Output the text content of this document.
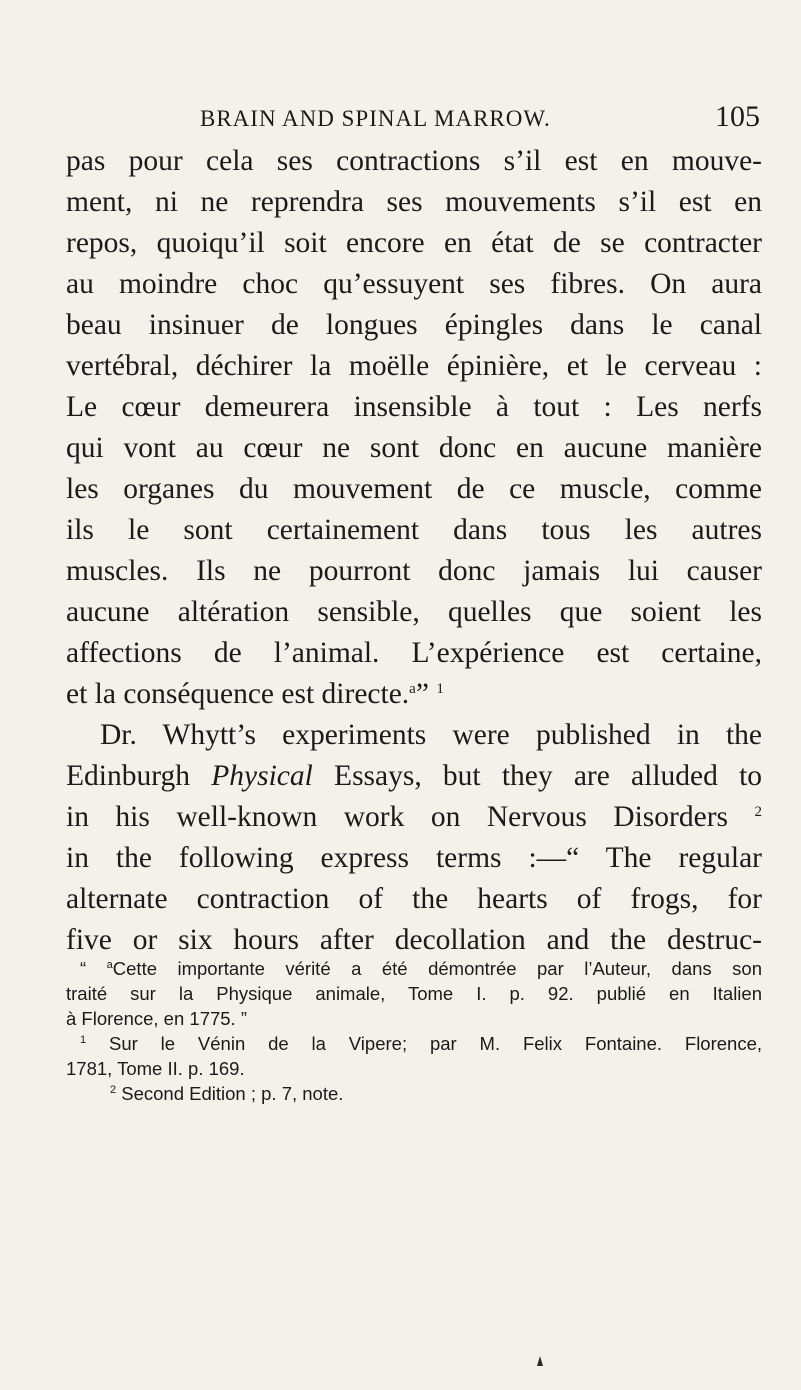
BRAIN AND SPINAL MARROW.	105
pas pour cela ses contractions s’il est en mouve-
ment, ni ne reprendra ses mouvements s’il est en
repos, quoiqu’il soit encore en état de se contracter
au moindre choc qu’essuyent ses fibres. On aura
beau insinuer de longues épingles dans le canal
vertébral, déchirer la moëlle épinière, et le cerveau :
Le cœur demeurera insensible à tout : Les nerfs
qui vont au cœur ne sont donc en aucune manière
les organes du mouvement de ce muscle, comme
ils le sont certainement dans tous les autres
muscles. Ils ne pourront donc jamais lui causer
aucune altération sensible, quelles que soient les
affections de l’animal. L’expérience est certaine,
et la conséquence est directe.$^a$” $^1$
Dr. Whytt’s experiments were published in the
Edinburgh Physical Essays, but they are alluded to
in his well-known work on Nervous Disorders $^2$
in the following express terms :—“ The regular
alternate contraction of the hearts of frogs, for
five or six hours after decollation and the destruc-
“ $^a$Cette importante vérité a été démontrée par l’Auteur, dans son
traité sur la Physique animale, Tome I. p. 92. publié en Italien
à Florence, en 1775. ”
$^1$ Sur le Vénin de la Vipere; par M. Felix Fontaine. Florence,
1781, Tome II. p. 169.
$^2$ Second Edition ; p. 7, note.
